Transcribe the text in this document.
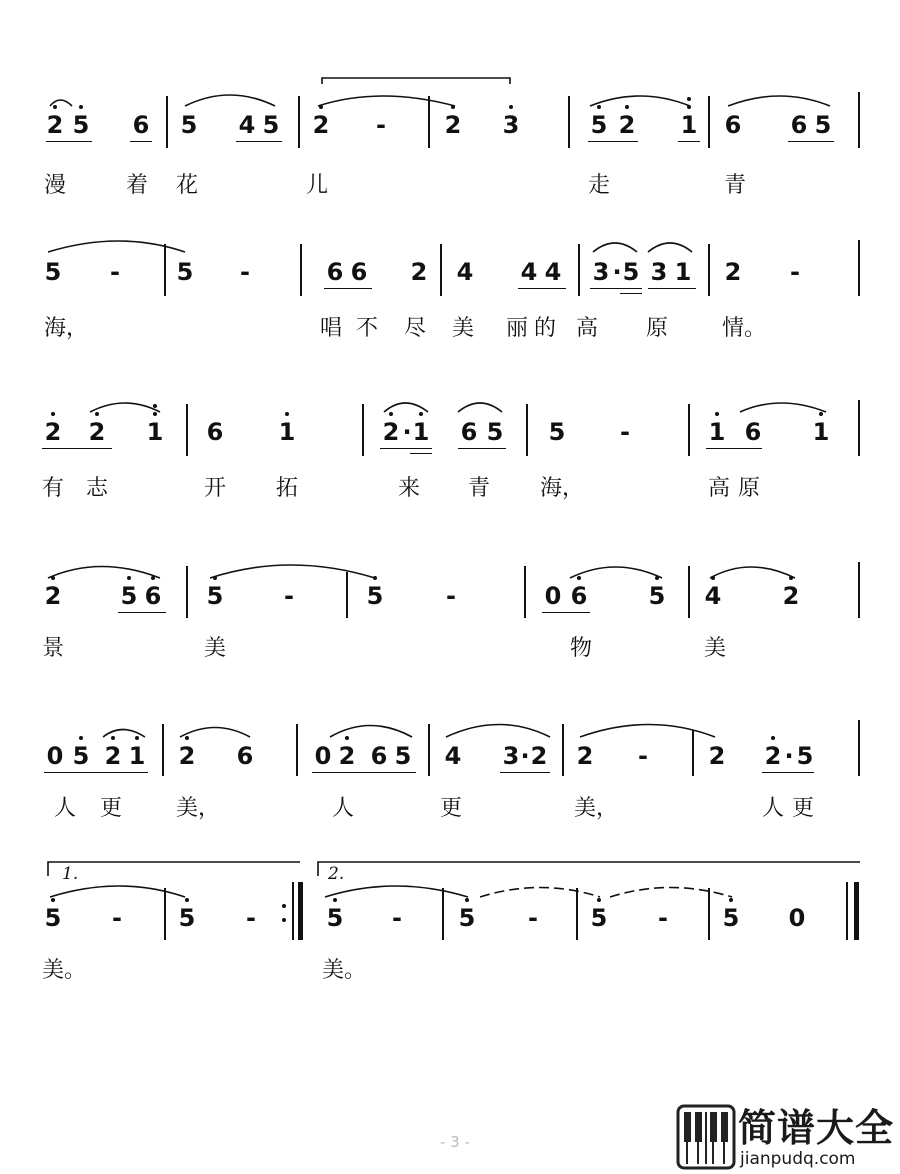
2 5 6 5 4 5 2 - 2 3	5 2 1 6 6 5
漫	着 花	儿	走	青
5 - 5 -	6 6 2 4 4 4 3 · 5 3 1 2 -
海，	唱 不 尽 美 丽 的 高 原 情。
2 2 1 6 1	2 · 1 6 5 5 -	1 6 1
有 志	开 拓	来 青 海，	高 原
2 5 6 5	-	5	-	0 6	5 4	2
景	美	物	美
0 5 2 1 2 6	0 2 6 5 4 3 · 2 2 -	2 2 · 5
人 更 美，	人	更	美，	人 更
1.	2.
5 - 5 -	5 - 5 - 5 - 5 0
美。	美。
- 3 -	简谱大全
jianpudq.com
